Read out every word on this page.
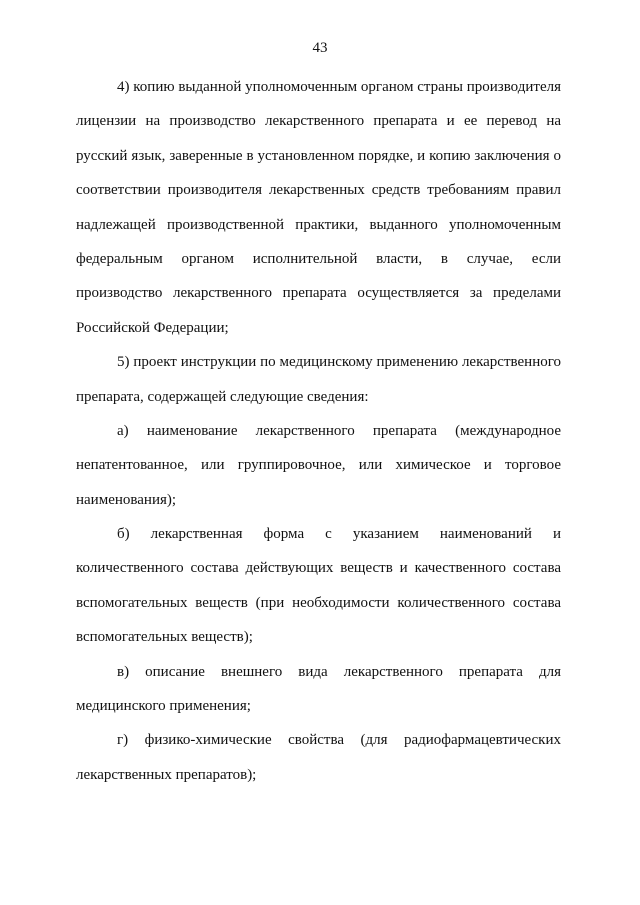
43
4) копию выданной уполномоченным органом страны производителя
лицензии на производство лекарственного препарата и ее перевод на
русский язык, заверенные в установленном порядке, и копию заключения о
соответствии производителя лекарственных средств требованиям правил
надлежащей производственной практики, выданного уполномоченным
федеральным органом исполнительной власти, в случае, если
производство лекарственного препарата осуществляется за пределами
Российской Федерации;
5) проект инструкции по медицинскому применению лекарственного
препарата, содержащей следующие сведения:
а) наименование лекарственного препарата (международное
непатентованное, или группировочное, или химическое и торговое
наименования);
б) лекарственная форма с указанием наименований и
количественного состава действующих веществ и качественного состава
вспомогательных веществ (при необходимости количественного состава
вспомогательных веществ);
в) описание внешнего вида лекарственного препарата для
медицинского применения;
г) физико-химические свойства (для радиофармацевтических
лекарственных препаратов);
